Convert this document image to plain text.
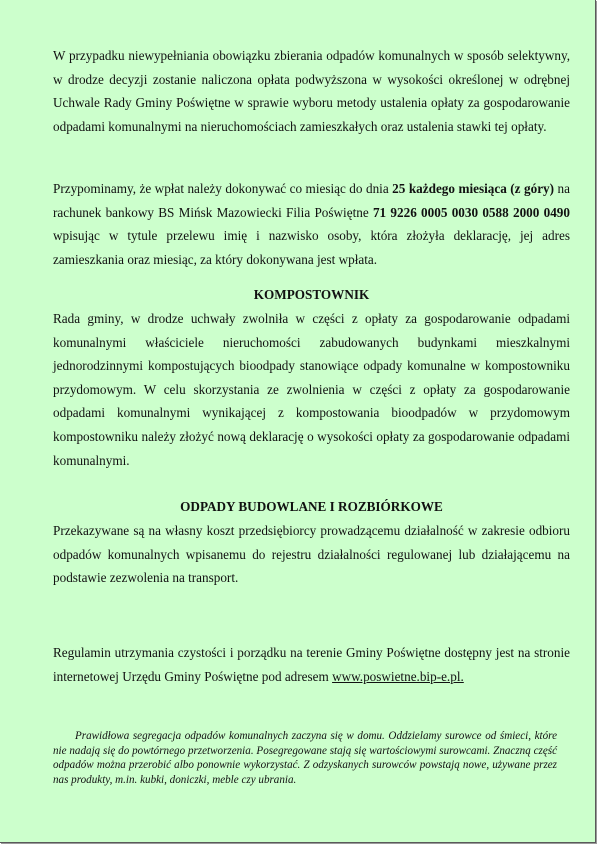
W przypadku niewypełniania obowiązku zbierania odpadów komunalnych w sposób selektywny, w drodze decyzji zostanie naliczona opłata podwyższona w wysokości określonej w odrębnej Uchwale Rady Gminy Poświętne w sprawie wyboru metody ustalenia opłaty za gospodarowanie odpadami komunalnymi na nieruchomościach zamieszkałych oraz ustalenia stawki tej opłaty.

Przypominamy, że wpłat należy dokonywać co miesiąc do dnia 25 każdego miesiąca (z góry) na rachunek bankowy BS Mińsk Mazowiecki Filia Poświętne 71 9226 0005 0030 0588 2000 0490 wpisując w tytule przelewu imię i nazwisko osoby, która złożyła deklarację, jej adres zamieszkania oraz miesiąc, za który dokonywana jest wpłata.

KOMPOSTOWNIK

Rada gminy, w drodze uchwały zwolniła w części z opłaty za gospodarowanie odpadami komunalnymi właściciele nieruchomości zabudowanych budynkami mieszkalnymi jednorodzinnymi kompostujących bioodpady stanowiące odpady komunalne w kompostowniku przydomowym. W celu skorzystania ze zwolnienia w części z opłaty za gospodarowanie odpadami komunalnymi wynikającej z kompostowania bioodpadów w przydomowym kompostowniku należy złożyć nową deklarację o wysokości opłaty za gospodarowanie odpadami komunalnymi.

ODPADY BUDOWLANE I ROZBIÓRKOWE

Przekazywane są na własny koszt przedsiębiorcy prowadzącemu działalność w zakresie odbioru odpadów komunalnych wpisanemu do rejestru działalności regulowanej lub działającemu na podstawie zezwolenia na transport.

Regulamin utrzymania czystości i porządku na terenie Gminy Poświętne dostępny jest na stronie internetowej Urzędu Gminy Poświętne pod adresem www.poswietne.bip-e.pl.

Prawidłowa segregacja odpadów komunalnych zaczyna się w domu. Oddzielamy surowce od śmieci, które nie nadają się do powtórnego przetworzenia. Posegregowane stają się wartościowymi surowcami. Znaczną część odpadów można przerobić albo ponownie wykorzystać. Z odzyskanych surowców powstają nowe, używane przez nas produkty, m.in. kubki, doniczki, meble czy ubrania.
